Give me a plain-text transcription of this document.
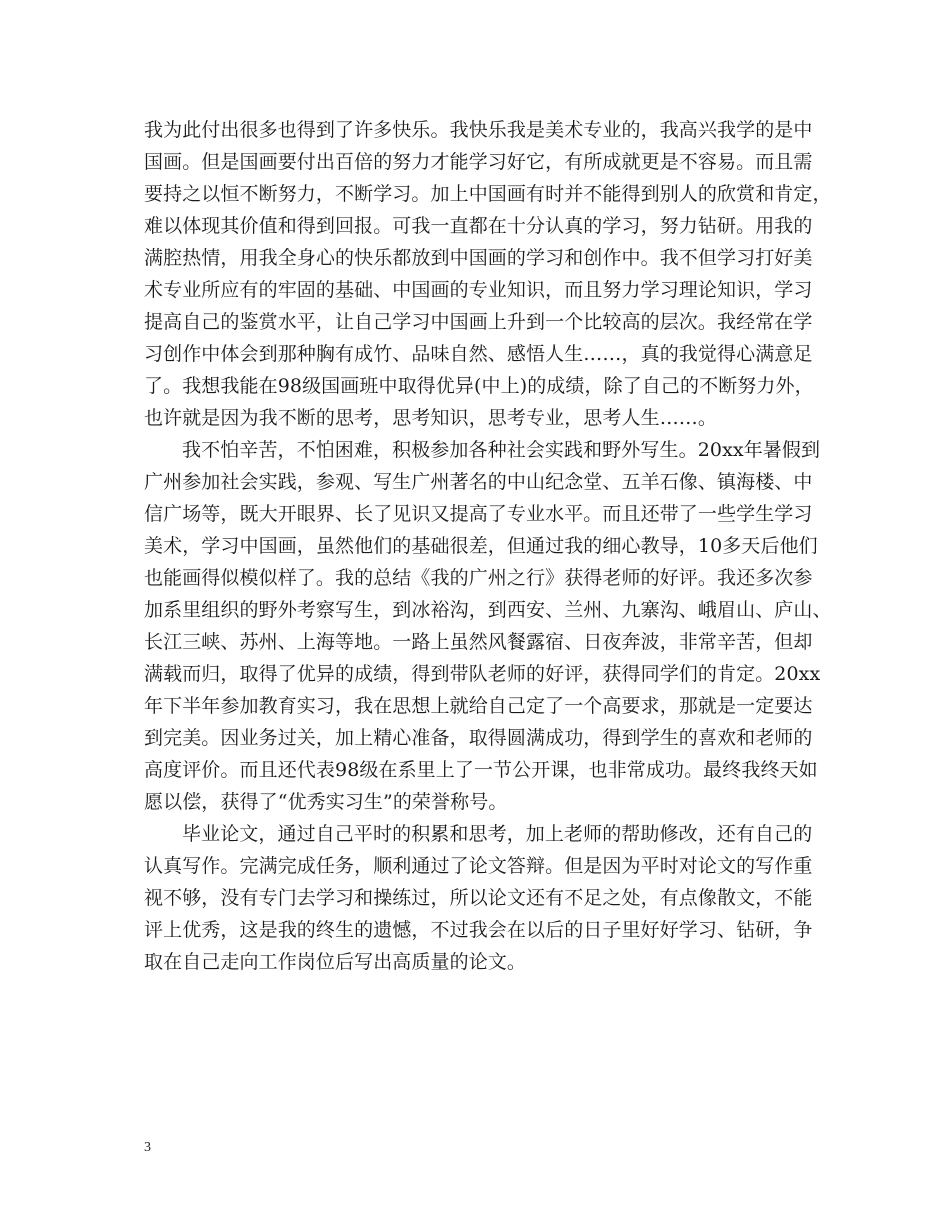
我为此付出很多也得到了许多快乐。我快乐我是美术专业的，我高兴我学的是中
国画。但是国画要付出百倍的努力才能学习好它，有所成就更是不容易。而且需
要持之以恒不断努力，不断学习。加上中国画有时并不能得到别人的欣赏和肯定，
难以体现其价值和得到回报。可我一直都在十分认真的学习，努力钻研。用我的
满腔热情，用我全身心的快乐都放到中国画的学习和创作中。我不但学习打好美
术专业所应有的牢固的基础、中国画的专业知识，而且努力学习理论知识，学习
提高自己的鉴赏水平，让自己学习中国画上升到一个比较高的层次。我经常在学
习创作中体会到那种胸有成竹、品味自然、感悟人生……，真的我觉得心满意足
了。我想我能在98级国画班中取得优异(中上)的成绩，除了自己的不断努力外，
也许就是因为我不断的思考，思考知识，思考专业，思考人生……。
我不怕辛苦，不怕困难，积极参加各种社会实践和野外写生。20xx年暑假到
广州参加社会实践，参观、写生广州著名的中山纪念堂、五羊石像、镇海楼、中
信广场等，既大开眼界、长了见识又提高了专业水平。而且还带了一些学生学习
美术，学习中国画，虽然他们的基础很差，但通过我的细心教导，10多天后他们
也能画得似模似样了。我的总结《我的广州之行》获得老师的好评。我还多次参
加系里组织的野外考察写生，到冰裕沟，到西安、兰州、九寨沟、峨眉山、庐山、
长江三峡、苏州、上海等地。一路上虽然风餐露宿、日夜奔波，非常辛苦，但却
满载而归，取得了优异的成绩，得到带队老师的好评，获得同学们的肯定。20xx
年下半年参加教育实习，我在思想上就给自己定了一个高要求，那就是一定要达
到完美。因业务过关，加上精心准备，取得圆满成功，得到学生的喜欢和老师的
高度评价。而且还代表98级在系里上了一节公开课，也非常成功。最终我终天如
愿以偿，获得了“优秀实习生”的荣誉称号。
毕业论文，通过自己平时的积累和思考，加上老师的帮助修改，还有自己的
认真写作。完满完成任务，顺利通过了论文答辩。但是因为平时对论文的写作重
视不够，没有专门去学习和操练过，所以论文还有不足之处，有点像散文，不能
评上优秀，这是我的终生的遗憾，不过我会在以后的日子里好好学习、钻研，争
取在自己走向工作岗位后写出高质量的论文。
3
